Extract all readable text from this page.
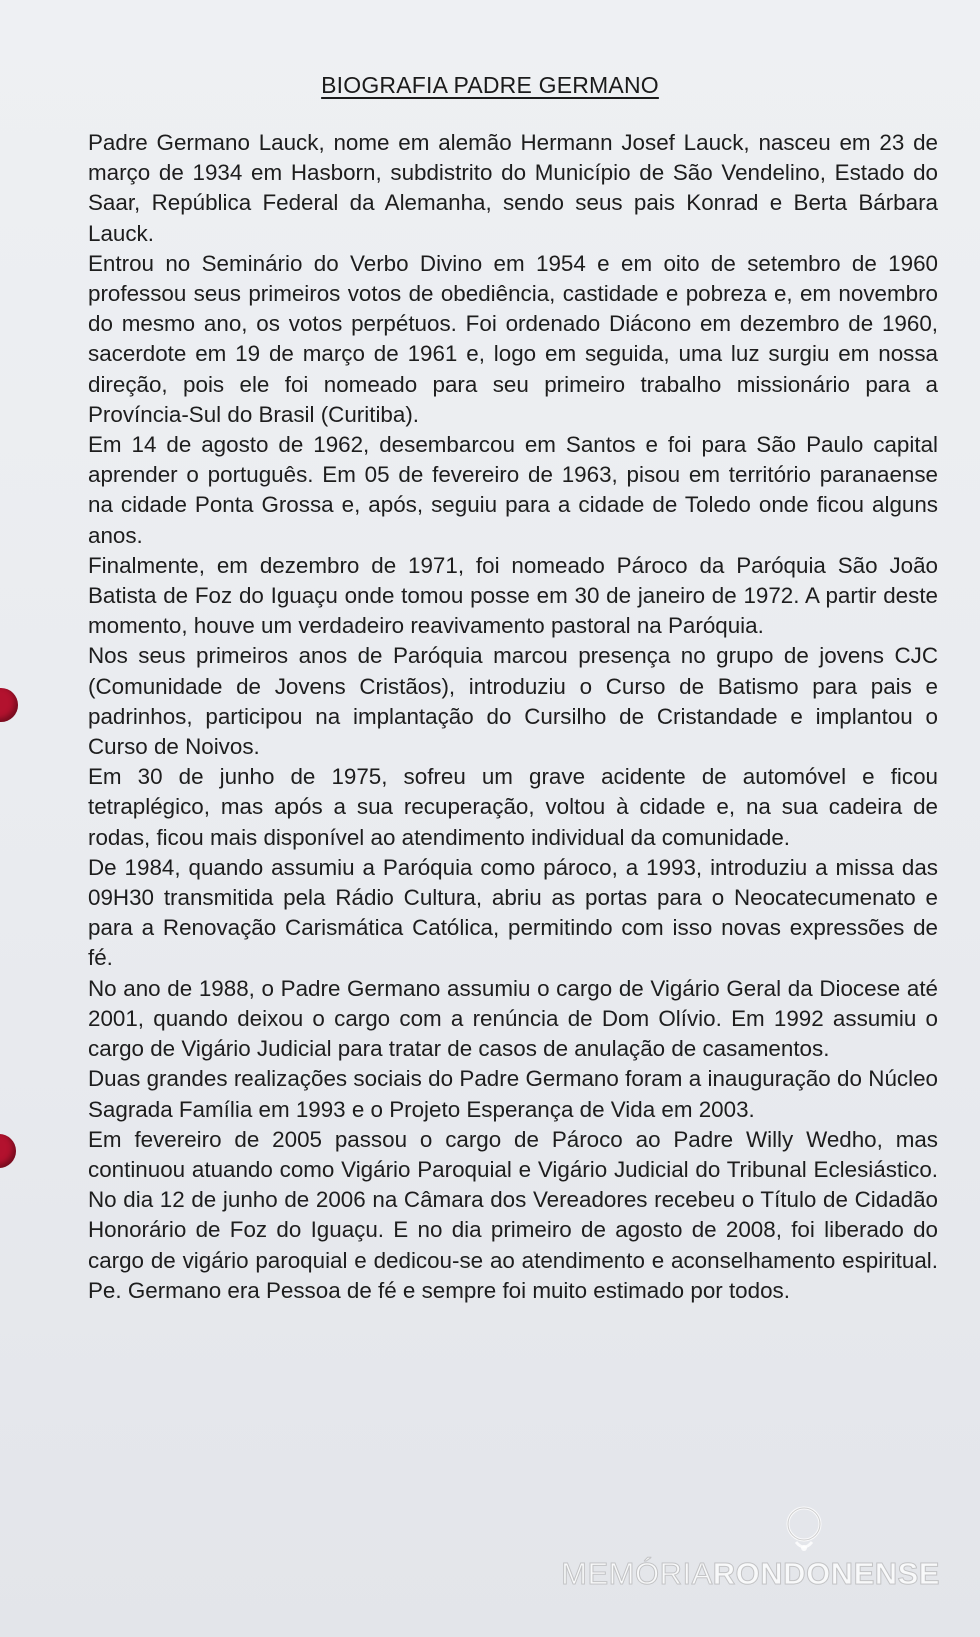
BIOGRAFIA PADRE GERMANO

Padre Germano Lauck, nome em alemão Hermann Josef Lauck, nasceu em 23 de março de 1934 em Hasborn, subdistrito do Município de São Vendelino, Estado do Saar, República Federal da Alemanha, sendo seus pais Konrad e Berta Bárbara Lauck.

Entrou no Seminário do Verbo Divino em 1954 e em oito de setembro de 1960 professou seus primeiros votos de obediência, castidade e pobreza e, em novembro do mesmo ano, os votos perpétuos. Foi ordenado Diácono em dezembro de 1960, sacerdote em 19 de março de 1961 e, logo em seguida, uma luz surgiu em nossa direção, pois ele foi nomeado para seu primeiro trabalho missionário para a Província-Sul do Brasil (Curitiba).

Em 14 de agosto de 1962, desembarcou em Santos e foi para São Paulo capital aprender o português. Em 05 de fevereiro de 1963, pisou em território paranaense na cidade Ponta Grossa e, após, seguiu para a cidade de Toledo onde ficou alguns anos.

Finalmente, em dezembro de 1971, foi nomeado Pároco da Paróquia São João Batista de Foz do Iguaçu onde tomou posse em 30 de janeiro de 1972. A partir deste momento, houve um verdadeiro reavivamento pastoral na Paróquia.

Nos seus primeiros anos de Paróquia marcou presença no grupo de jovens CJC (Comunidade de Jovens Cristãos), introduziu o Curso de Batismo para pais e padrinhos, participou na implantação do Cursilho de Cristandade e implantou o Curso de Noivos.

Em 30 de junho de 1975, sofreu um grave acidente de automóvel e ficou tetraplégico, mas após a sua recuperação, voltou à cidade e, na sua cadeira de rodas, ficou mais disponível ao atendimento individual da comunidade.

De 1984, quando assumiu a Paróquia como pároco, a 1993, introduziu a missa das 09H30 transmitida pela Rádio Cultura, abriu as portas para o Neocatecumenato e para a Renovação Carismática Católica, permitindo com isso novas expressões de fé.

No ano de 1988, o Padre Germano assumiu o cargo de Vigário Geral da Diocese até 2001, quando deixou o cargo com a renúncia de Dom Olívio. Em 1992 assumiu o cargo de Vigário Judicial para tratar de casos de anulação de casamentos.

Duas grandes realizações sociais do Padre Germano foram a inauguração do Núcleo Sagrada Família em 1993 e o Projeto Esperança de Vida em 2003.

Em fevereiro de 2005 passou o cargo de Pároco ao Padre Willy Wedho, mas continuou atuando como Vigário Paroquial e Vigário Judicial do Tribunal Eclesiástico. No dia 12 de junho de 2006 na Câmara dos Vereadores recebeu o Título de Cidadão Honorário de Foz do Iguaçu. E no dia primeiro de agosto de 2008, foi liberado do cargo de vigário paroquial e dedicou-se ao atendimento e aconselhamento espiritual. Pe. Germano era Pessoa de fé e sempre foi muito estimado por todos.

MEMÓRIARONDONENSE
